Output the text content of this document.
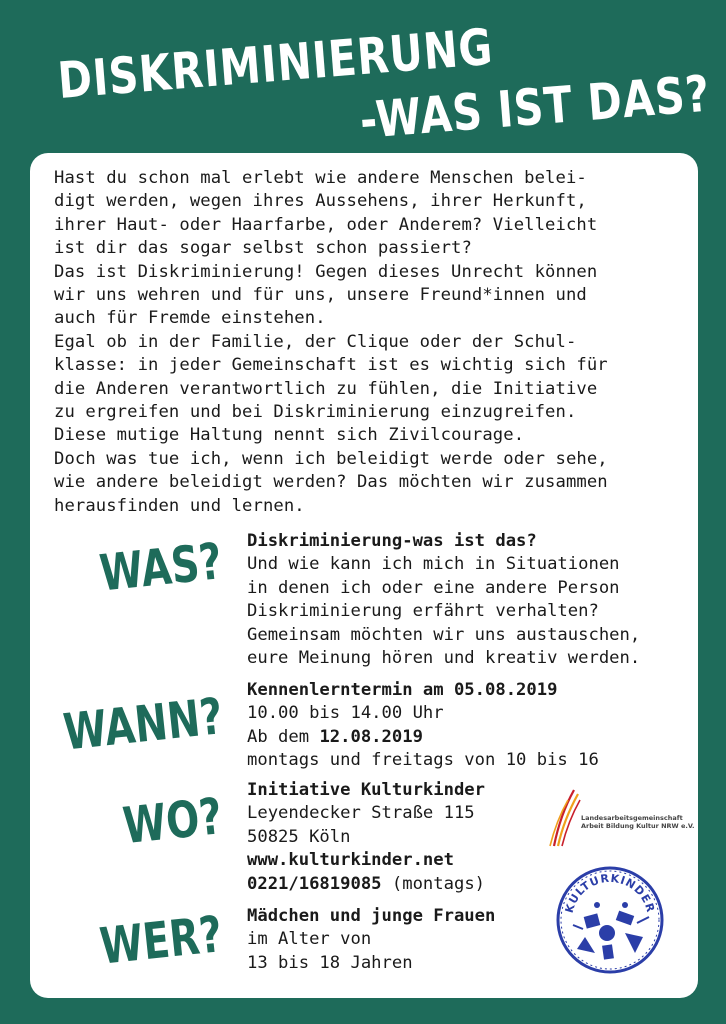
DISKRIMINIERUNG
-WAS IST DAS?
Hast du schon mal erlebt wie andere Menschen belei-
digt werden, wegen ihres Aussehens, ihrer Herkunft,
ihrer Haut- oder Haarfarbe, oder Anderem? Vielleicht
ist dir das sogar selbst schon passiert?
Das ist Diskriminierung! Gegen dieses Unrecht können
wir uns wehren und für uns, unsere Freund*innen und
auch für Fremde einstehen.
Egal ob in der Familie, der Clique oder der Schul-
klasse: in jeder Gemeinschaft ist es wichtig sich für
die Anderen verantwortlich zu fühlen, die Initiative
zu ergreifen und bei Diskriminierung einzugreifen.
Diese mutige Haltung nennt sich Zivilcourage.
Doch was tue ich, wenn ich beleidigt werde oder sehe,
wie andere beleidigt werden? Das möchten wir zusammen
herausfinden und lernen.
WAS? Diskriminierung-was ist das?
Und wie kann ich mich in Situationen
in denen ich oder eine andere Person
Diskriminierung erfährt verhalten?
Gemeinsam möchten wir uns austauschen,
eure Meinung hören und kreativ werden.
WANN? Kennenlerntermin am 05.08.2019
10.00 bis 14.00 Uhr
Ab dem 12.08.2019
montags und freitags von 10 bis 16
WO? Initiative Kulturkinder
Leyendecker Straße 115
50825 Köln
www.kulturkinder.net
0221/16819085 (montags)
WER? Mädchen und junge Frauen
im Alter von
13 bis 18 Jahren
Landesarbeitsgemeinschaft
Arbeit Bildung Kultur NRW e.V.
KULTURKINDER
